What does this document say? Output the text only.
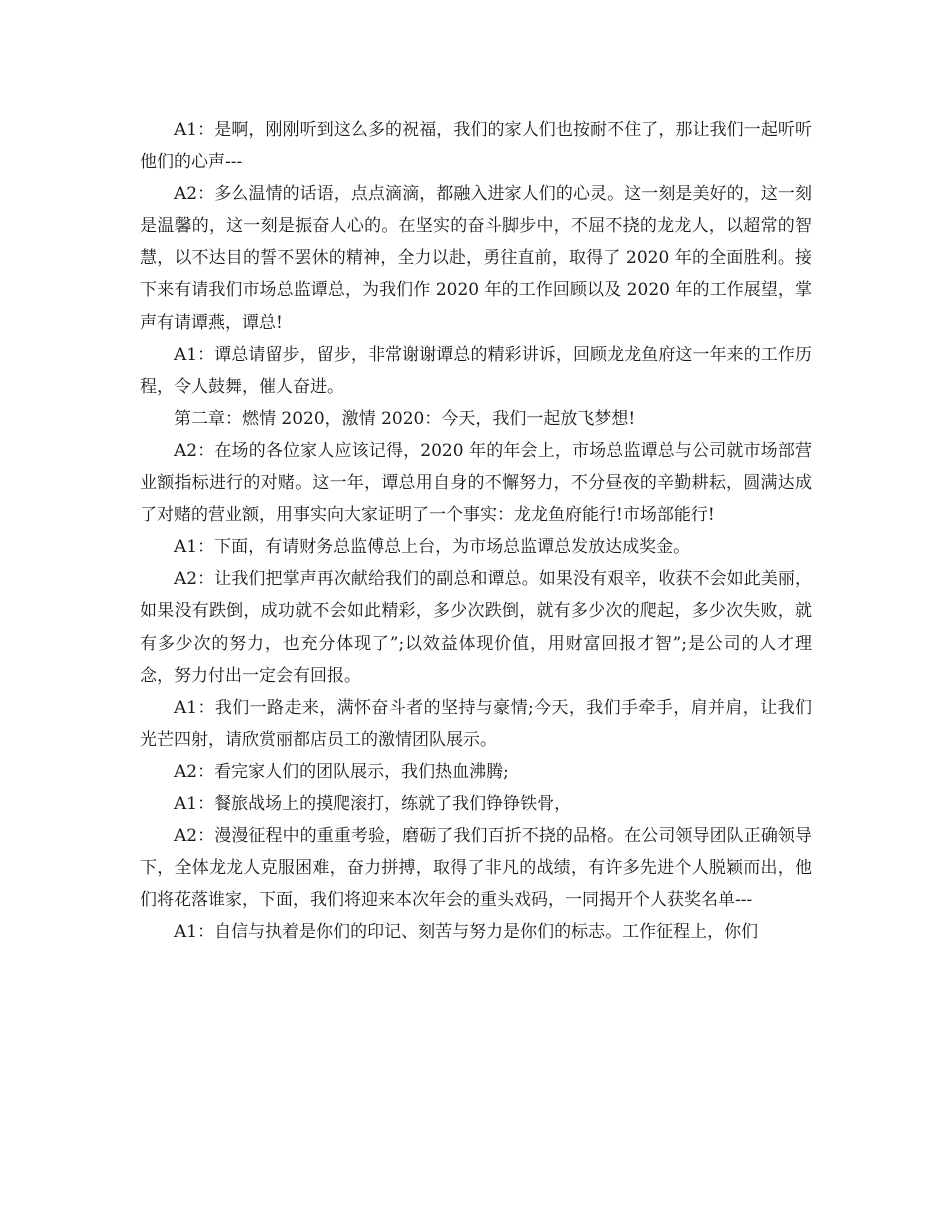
A1：是啊，刚刚听到这么多的祝福，我们的家人们也按耐不住了，那让我们一起听听他们的心声---

A2：多么温情的话语，点点滴滴，都融入进家人们的心灵。这一刻是美好的，这一刻是温馨的，这一刻是振奋人心的。在坚实的奋斗脚步中，不屈不挠的龙龙人，以超常的智慧，以不达目的誓不罢休的精神，全力以赴，勇往直前，取得了 2020 年的全面胜利。接下来有请我们市场总监谭总，为我们作 2020 年的工作回顾以及 2020 年的工作展望，掌声有请谭燕，谭总!

A1：谭总请留步，留步，非常谢谢谭总的精彩讲诉，回顾龙龙鱼府这一年来的工作历程，令人鼓舞，催人奋进。

第二章：燃情 2020，激情 2020：今天，我们一起放飞梦想!

A2：在场的各位家人应该记得，2020 年的年会上，市场总监谭总与公司就市场部营业额指标进行的对赌。这一年，谭总用自身的不懈努力，不分昼夜的辛勤耕耘，圆满达成了对赌的营业额，用事实向大家证明了一个事实：龙龙鱼府能行!市场部能行!

A1：下面，有请财务总监傅总上台，为市场总监谭总发放达成奖金。

A2：让我们把掌声再次献给我们的副总和谭总。如果没有艰辛，收获不会如此美丽，如果没有跌倒，成功就不会如此精彩，多少次跌倒，就有多少次的爬起，多少次失败，就有多少次的努力，也充分体现了”;以效益体现价值，用财富回报才智”;是公司的人才理念，努力付出一定会有回报。

A1：我们一路走来，满怀奋斗者的坚持与豪情;今天，我们手牵手，肩并肩，让我们光芒四射，请欣赏丽都店员工的激情团队展示。

A2：看完家人们的团队展示，我们热血沸腾;

A1：餐旅战场上的摸爬滚打，练就了我们铮铮铁骨，

A2：漫漫征程中的重重考验，磨砺了我们百折不挠的品格。在公司领导团队正确领导下，全体龙龙人克服困难，奋力拼搏，取得了非凡的战绩，有许多先进个人脱颖而出，他们将花落谁家，下面，我们将迎来本次年会的重头戏码，一同揭开个人获奖名单---

A1：自信与执着是你们的印记、刻苦与努力是你们的标志。工作征程上，你们
